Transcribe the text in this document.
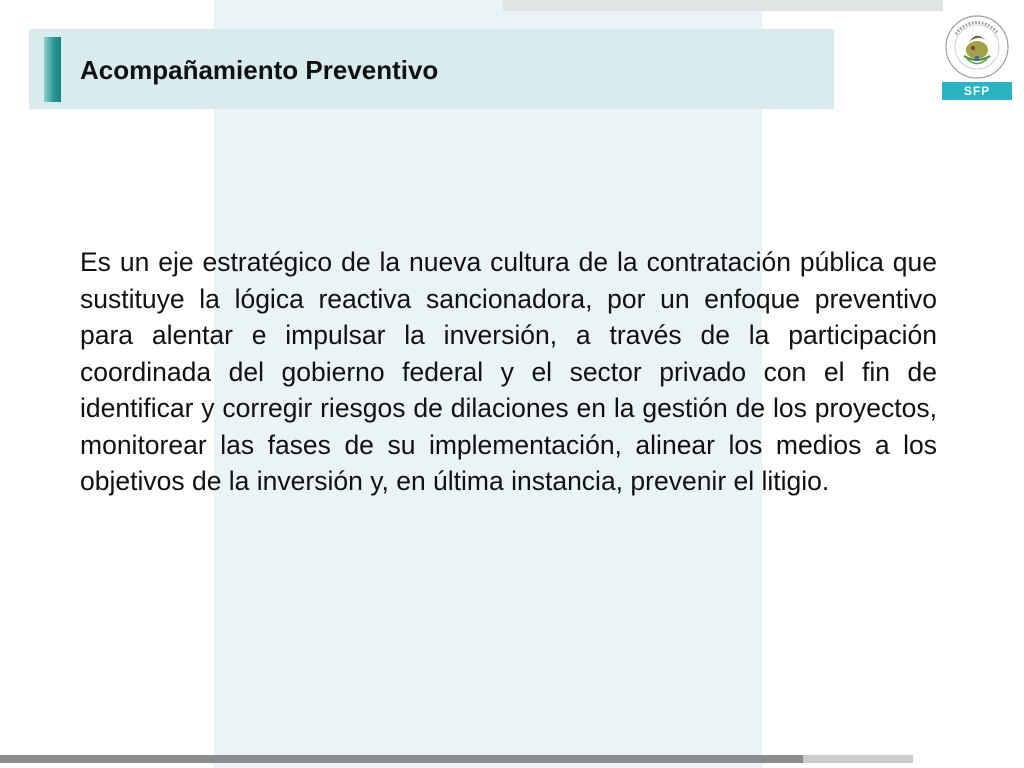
Acompañamiento Preventivo
SFP

Es un eje estratégico de la nueva cultura de la contratación pública que sustituye la lógica reactiva sancionadora, por un enfoque preventivo para alentar e impulsar la inversión, a través de la participación coordinada del gobierno federal y el sector privado con el fin de identificar y corregir riesgos de dilaciones en la gestión de los proyectos, monitorear las fases de su implementación, alinear los medios a los objetivos de la inversión y, en última instancia, prevenir el litigio.
